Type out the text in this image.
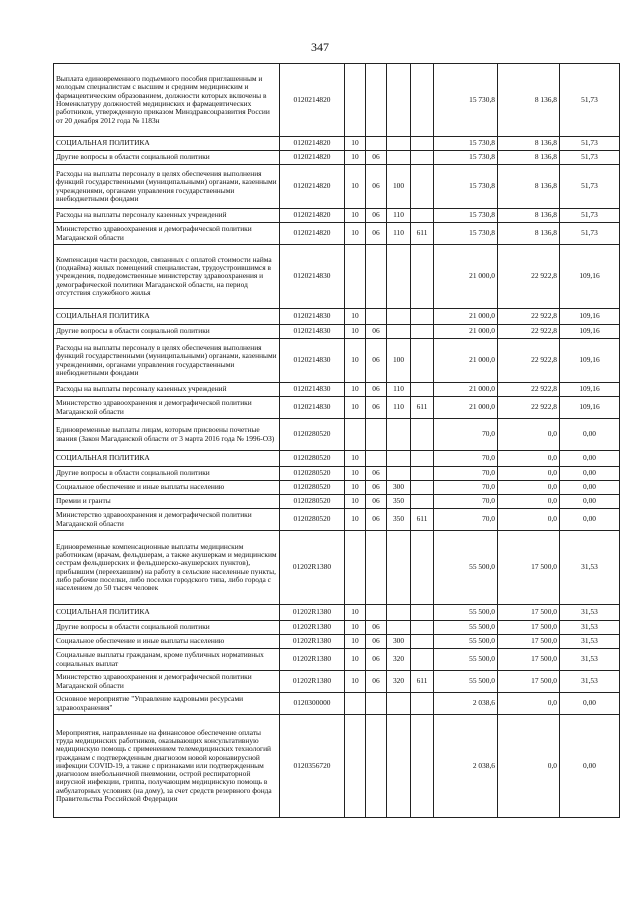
347
Выплата единовременного подъемного пособия приглашенным и молодым специалистам с высшим и средним медицинским и фармацевтическим образованием, должности которых включены в Номенклатуру должностей медицинских и фармацевтических работников, утвержденную приказом Минздравсоцразвития России от 20 декабря 2012 года № 1183н	0120214820					15 730,8	8 136,8	51,73
СОЦИАЛЬНАЯ ПОЛИТИКА	0120214820	10				15 730,8	8 136,8	51,73
Другие вопросы в области социальной политики	0120214820	10	06			15 730,8	8 136,8	51,73
Расходы на выплаты персоналу в целях обеспечения выполнения функций государственными (муниципальными) органами, казенными учреждениями, органами управления государственными внебюджетными фондами	0120214820	10	06	100		15 730,8	8 136,8	51,73
Расходы на выплаты персоналу казенных учреждений	0120214820	10	06	110		15 730,8	8 136,8	51,73
Министерство здравоохранения и демографической политики Магаданской области	0120214820	10	06	110	611	15 730,8	8 136,8	51,73
Компенсация части расходов, связанных с оплатой стоимости найма (поднайма) жилых помещений специалистам, трудоустроившимся в учреждения, подведомственные министерству здравоохранения и демографической политики Магаданской области, на период отсутствия служебного жилья	0120214830					21 000,0	22 922,8	109,16
СОЦИАЛЬНАЯ ПОЛИТИКА	0120214830	10				21 000,0	22 922,8	109,16
Другие вопросы в области социальной политики	0120214830	10	06			21 000,0	22 922,8	109,16
Расходы на выплаты персоналу в целях обеспечения выполнения функций государственными (муниципальными) органами, казенными учреждениями, органами управления государственными внебюджетными фондами	0120214830	10	06	100		21 000,0	22 922,8	109,16
Расходы на выплаты персоналу казенных учреждений	0120214830	10	06	110		21 000,0	22 922,8	109,16
Министерство здравоохранения и демографической политики Магаданской области	0120214830	10	06	110	611	21 000,0	22 922,8	109,16
Единовременные выплаты лицам, которым присвоены почетные звания (Закон Магаданской области от 3 марта 2016 года № 1996-ОЗ)	0120280520					70,0	0,0	0,00
СОЦИАЛЬНАЯ ПОЛИТИКА	0120280520	10				70,0	0,0	0,00
Другие вопросы в области социальной политики	0120280520	10	06			70,0	0,0	0,00
Социальное обеспечение и иные выплаты населению	0120280520	10	06	300		70,0	0,0	0,00
Премии и гранты	0120280520	10	06	350		70,0	0,0	0,00
Министерство здравоохранения и демографической политики Магаданской области	0120280520	10	06	350	611	70,0	0,0	0,00
Единовременные компенсационные выплаты медицинским работникам (врачам, фельдшерам, а также акушеркам и медицинским сестрам фельдшерских и фельдшерско-акушерских пунктов), прибывшим (переехавшим) на работу в сельские населенные пункты, либо рабочие поселки, либо поселки городского типа, либо города с населением до 50 тысяч человек	01202R1380					55 500,0	17 500,0	31,53
СОЦИАЛЬНАЯ ПОЛИТИКА	01202R1380	10				55 500,0	17 500,0	31,53
Другие вопросы в области социальной политики	01202R1380	10	06			55 500,0	17 500,0	31,53
Социальное обеспечение и иные выплаты населению	01202R1380	10	06	300		55 500,0	17 500,0	31,53
Социальные выплаты гражданам, кроме публичных нормативных социальных выплат	01202R1380	10	06	320		55 500,0	17 500,0	31,53
Министерство здравоохранения и демографической политики Магаданской области	01202R1380	10	06	320	611	55 500,0	17 500,0	31,53
Основное мероприятие "Управление кадровыми ресурсами здравоохранения"	0120300000					2 038,6	0,0	0,00
Мероприятия, направленные на финансовое обеспечение оплаты труда медицинских работников, оказывающих консультативную медицинскую помощь с применением телемедицинских технологий гражданам с подтвержденным диагнозом новой коронавирусной инфекции COVID-19, а также с признаками или подтвержденным диагнозом внебольничной пневмонии, острой респираторной вирусной инфекции, гриппа, получающим медицинскую помощь в амбулаторных условиях (на дому), за счет средств резервного фонда Правительства Российской Федерации	0120356720					2 038,6	0,0	0,00
